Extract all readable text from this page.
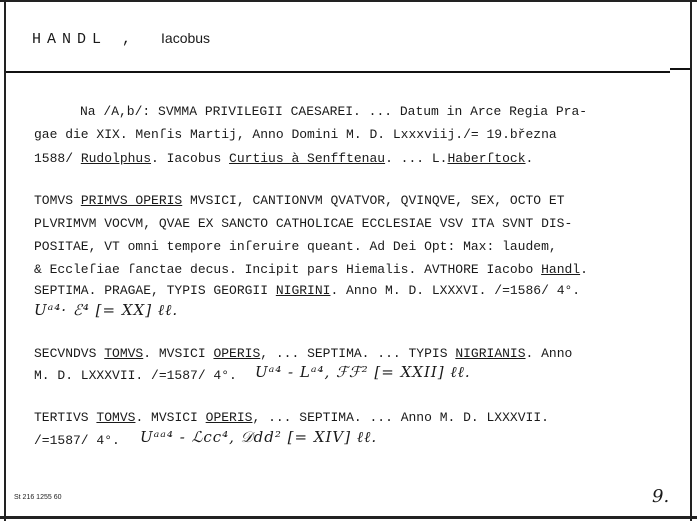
HANDL , Iacobus
Na /A,b/: SVMMA PRIVILEGII CAESAREI. ... Datum in Arce Regia Pra-
gae die XIX. Menſis Martij, Anno Domini M. D. Lxxxviij./= 19.března
1588/ Rudolphus. Iacobus Curtius à Senfftenau. ... L.Haberſtock.
TOMVS PRIMVS OPERIS MVSICI, CANTIONVM QVATVOR, QVINQVE, SEX, OCTO ET
PLVRIMVM VOCVM, QVAE EX SANCTO CATHOLICAE ECCLESIAE VSV ITA SVNT DIS-
POSITAE, VT omni tempore inſeruire queant. Ad Dei Opt: Max: laudem,
& Eccleſiae ſanctae decus. Incipit pars Hiemalis. AVTHORE Iacobo Handl.
SEPTIMA. PRAGAE, TYPIS GEORGII NIGRINI. Anno M. D. LXXXVI. /=1586/ 4°.
Uᵃ⁴· ℰ⁴ [= XX] ℓℓ.
SECVNDVS TOMVS. MVSICI OPERIS, ... SEPTIMA. ... TYPIS NIGRIANIS. Anno
M. D. LXXXVII. /=1587/ 4°. Uᵃ⁴ - Lᵃ⁴, ℱℱ² [= XXII] ℓℓ.
TERTIVS TOMVS. MVSICI OPERIS, ... SEPTIMA. ... Anno M. D. LXXXVII.
/=1587/ 4°. Uᵃᵃ⁴ - ℒcc⁴, 𝒟dd² [= XIV] ℓℓ.
St 216 1255 60	9.
